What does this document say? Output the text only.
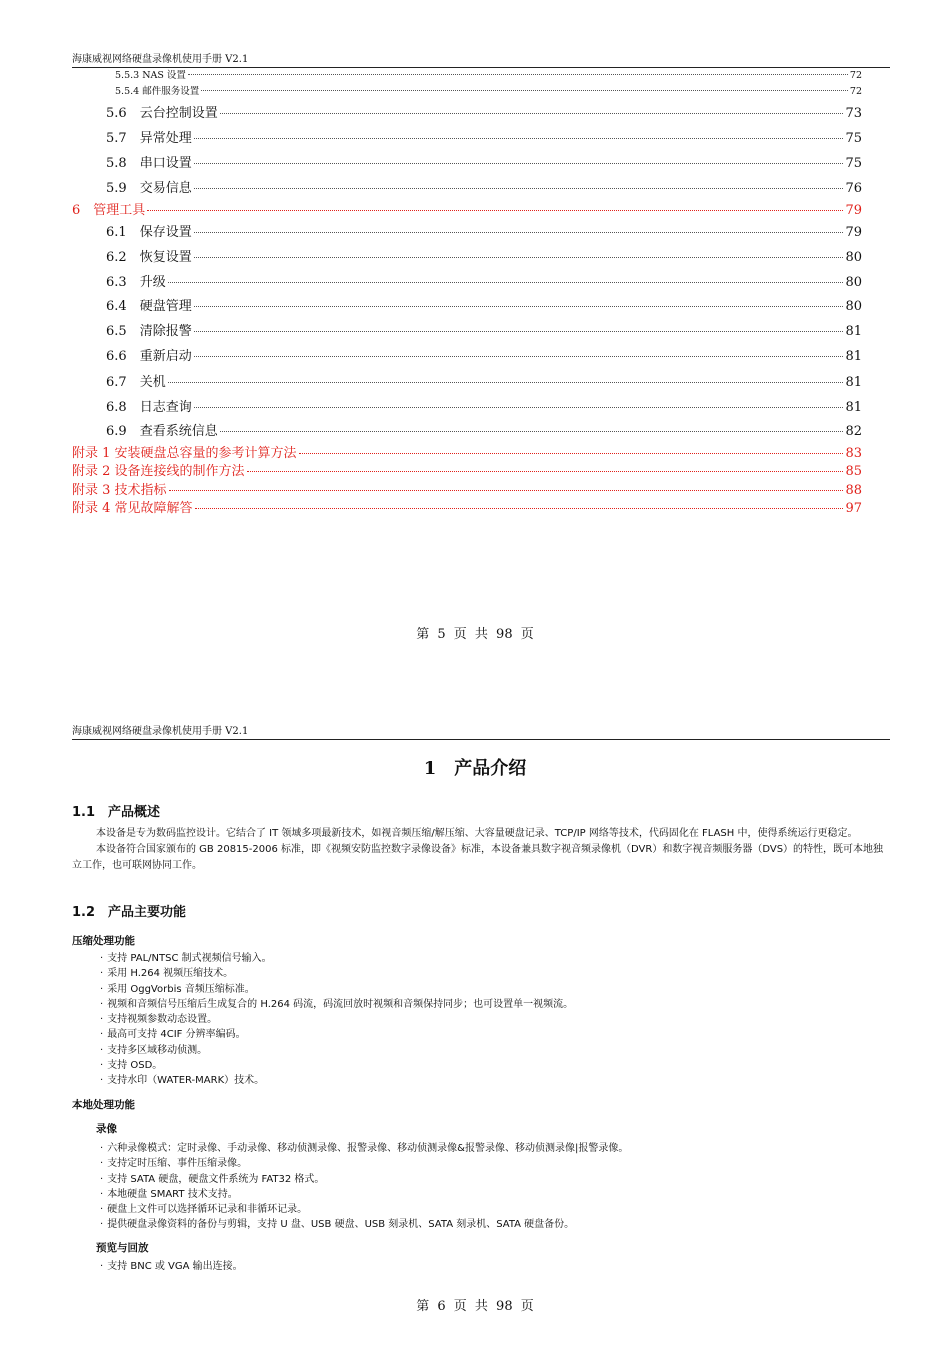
海康威视网络硬盘录像机使用手册 V2.1
5.5.3 NAS 设置	72
5.5.4 邮件服务设置	72
5.6　 云台控制设置	73
5.7　 异常处理	75
5.8　 串口设置	75
5.9　 交易信息	76
6　 管理工具	79
6.1　 保存设置	79
6.2　 恢复设置	80
6.3　 升级	80
6.4　 硬盘管理	80
6.5　 清除报警	81
6.6　 重新启动	81
6.7　 关机	81
6.8　 日志查询	81
6.9　 查看系统信息	82
附录 1 安装硬盘总容量的参考计算方法	83
附录 2 设备连接线的制作方法	85
附录 3 技术指标	88
附录 4 常见故障解答	97
第 5 页 共 98 页
海康威视网络硬盘录像机使用手册 V2.1
1　 产品介绍
1.1　产品概述

本设备是专为数码监控设计。它结合了 IT 领域多项最新技术，如视音频压缩/解压缩、大容量硬盘记录、TCP/IP 网络等技术，代码固化在 FLASH 中，使得系统运行更稳定。

本设备符合国家颁布的 GB 20815-2006 标准，即《视频安防监控数字录像设备》标准，本设备兼具数字视音频录像机（DVR）和数字视音频服务器（DVS）的特性，既可本地独立工作，也可联网协同工作。

1.2　产品主要功能
压缩处理功能
· 支持 PAL/NTSC 制式视频信号输入。
· 采用 H.264 视频压缩技术。
· 采用 OggVorbis 音频压缩标准。
· 视频和音频信号压缩后生成复合的 H.264 码流，码流回放时视频和音频保持同步；也可设置单一视频流。
· 支持视频参数动态设置。
· 最高可支持 4CIF 分辨率编码。
· 支持多区域移动侦测。
· 支持 OSD。
· 支持水印（WATER-MARK）技术。
本地处理功能
录像
· 六种录像模式：定时录像、手动录像、移动侦测录像、报警录像、移动侦测录像&报警录像、移动侦测录像|报警录像。
· 支持定时压缩、事件压缩录像。
· 支持 SATA 硬盘，硬盘文件系统为 FAT32 格式。
· 本地硬盘 SMART 技术支持。
· 硬盘上文件可以选择循环记录和非循环记录。
· 提供硬盘录像资料的备份与剪辑，支持 U 盘、USB 硬盘、USB 刻录机、SATA 刻录机、SATA 硬盘备份。
预览与回放
· 支持 BNC 或 VGA 输出连接。
第 6 页 共 98 页
